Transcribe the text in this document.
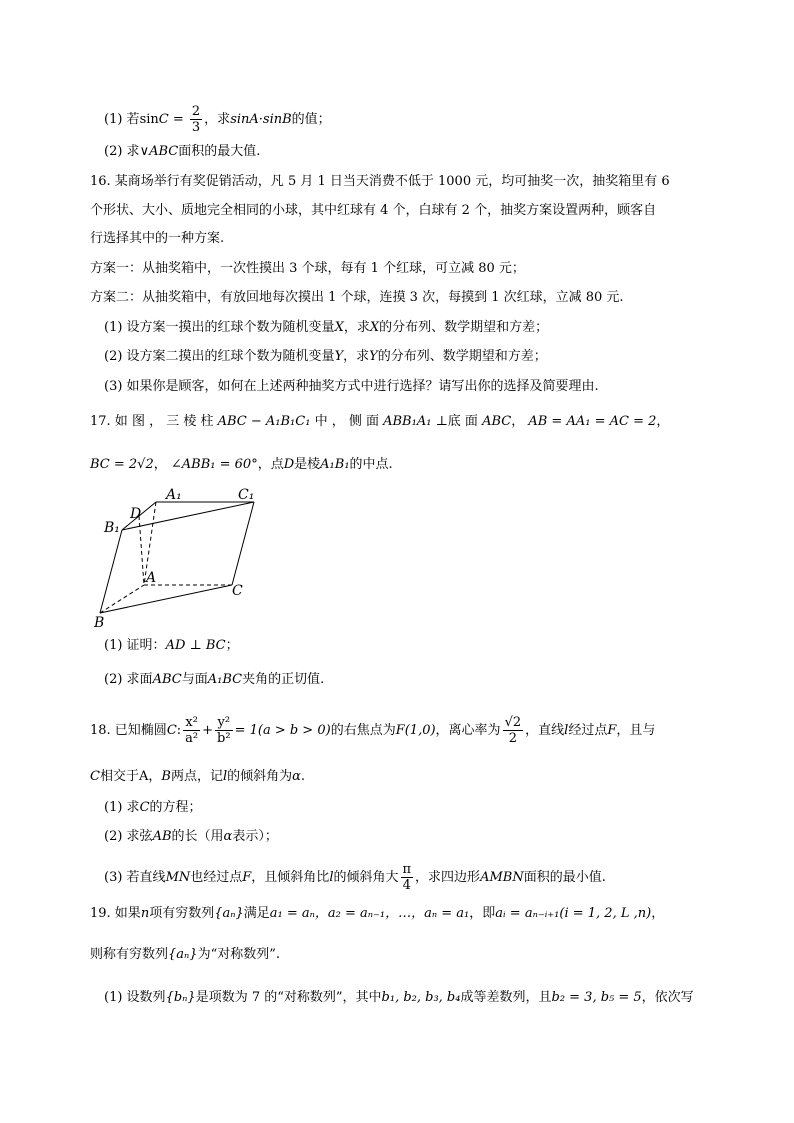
(1) 若$\sin C = \frac{2}{3}$ ，求sinA·sinB的值；
(2) 求∨ABC面积的最大值.
16. 某商场举行有奖促销活动，凡 5 月 1 日当天消费不低于 1000 元，均可抽奖一次，抽奖箱里有 6
个形状、大小、质地完全相同的小球，其中红球有 4 个，白球有 2 个，抽奖方案设置两种，顾客自
行选择其中的一种方案.
方案一：从抽奖箱中，一次性摸出 3 个球，每有 1 个红球，可立减 80 元；
方案二：从抽奖箱中，有放回地每次摸出 1 个球，连摸 3 次，每摸到 1 次红球，立减 80 元.
(1) 设方案一摸出的红球个数为随机变量X，求X的分布列、数学期望和方差；
(2) 设方案二摸出的红球个数为随机变量Y，求Y的分布列、数学期望和方差；
(3) 如果你是顾客，如何在上述两种抽奖方式中进行选择？请写出你的选择及简要理由.
17. 如 图 ， 三 棱 柱 ABC − A₁B₁C₁ 中 ， 侧 面 ABB₁A₁ ⊥底 面 ABC， AB = AA₁ = AC = 2，
BC = 2√2， ∠ABB₁ = 60°，点D是棱A₁B₁的中点.
A₁	C₁
B₁
D
A
C
B
(1) 证明：AD ⊥ BC；
(2) 求面ABC与面A₁BC夹角的正切值.
18. 已知椭圆C: $\frac{\text{x²}}{\text{a²}} + \frac{\text{y²}}{\text{b²}} = 1(a > b > 0)$的右焦点为F(1,0)，离心率为 $\frac{√2}{2}$ ，直线l经过点F，且与
C相交于A，B两点，记l的倾斜角为α.
(1) 求C的方程；
(2) 求弦AB的长（用α表示）；
(3) 若直线MN也经过点F，且倾斜角比l的倾斜角大 $\frac{\pi}{4}$ ，求四边形AMBN面积的最小值.
19. 如果n项有穷数列{aₙ}满足a₁ = aₙ，a₂ = aₙ₋₁，…，aₙ = a₁，即aᵢ = aₙ₋ᵢ₊₁(i = 1, 2, L ,n)，
则称有穷数列{aₙ}为“对称数列”.
(1) 设数列{bₙ}是项数为 7 的“对称数列”，其中b₁, b₂, b₃, b₄成等差数列，且b₂ = 3, b₅ = 5，依次写
